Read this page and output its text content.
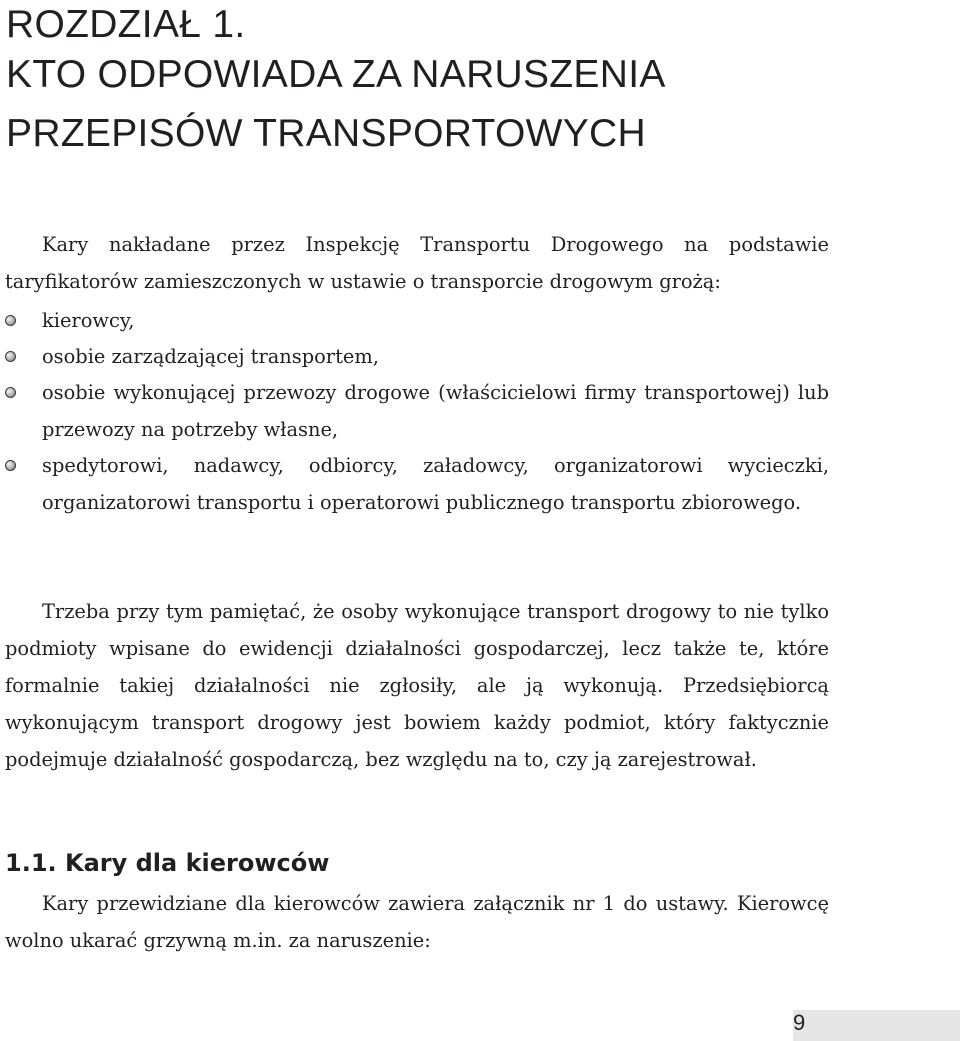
ROZDZIAŁ 1.
KTO ODPOWIADA ZA NARUSZENIA
PRZEPISÓW TRANSPORTOWYCH

Kary nakładane przez Inspekcję Transportu Drogowego na podstawie taryfikatorów zamieszczonych w ustawie o transporcie drogowym grożą:

kierowcy,
osobie zarządzającej transportem,
osobie wykonującej przewozy drogowe (właścicielowi firmy transportowej) lub przewozy na potrzeby własne,
spedytorowi, nadawcy, odbiorcy, załadowcy, organizatorowi wycieczki, organizatorowi transportu i operatorowi publicznego transportu zbiorowego.

Trzeba przy tym pamiętać, że osoby wykonujące transport drogowy to nie tylko podmioty wpisane do ewidencji działalności gospodarczej, lecz także te, które formalnie takiej działalności nie zgłosiły, ale ją wykonują. Przedsiębiorcą wykonującym transport drogowy jest bowiem każdy podmiot, który faktycznie podejmuje działalność gospodarczą, bez względu na to, czy ją zarejestrował.

1.1. Kary dla kierowców

Kary przewidziane dla kierowców zawiera załącznik nr 1 do ustawy. Kierowcę wolno ukarać grzywną m.in. za naruszenie:

9
